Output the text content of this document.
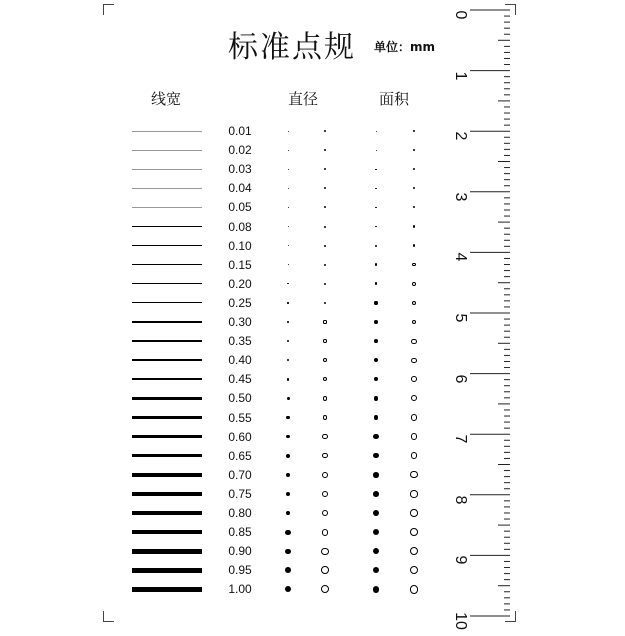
标准点规 单位：mm
线宽	直径	面积
0.01
0.02
0.03
0.04
0.05
0.08
0.10
0.15
0.20
0.25
0.30
0.35
0.40
0.45
0.50
0.55
0.60
0.65
0.70
0.75
0.80
0.85
0.90
0.95
1.00
0
1
2
3
4
5
6
7
8
9
10
